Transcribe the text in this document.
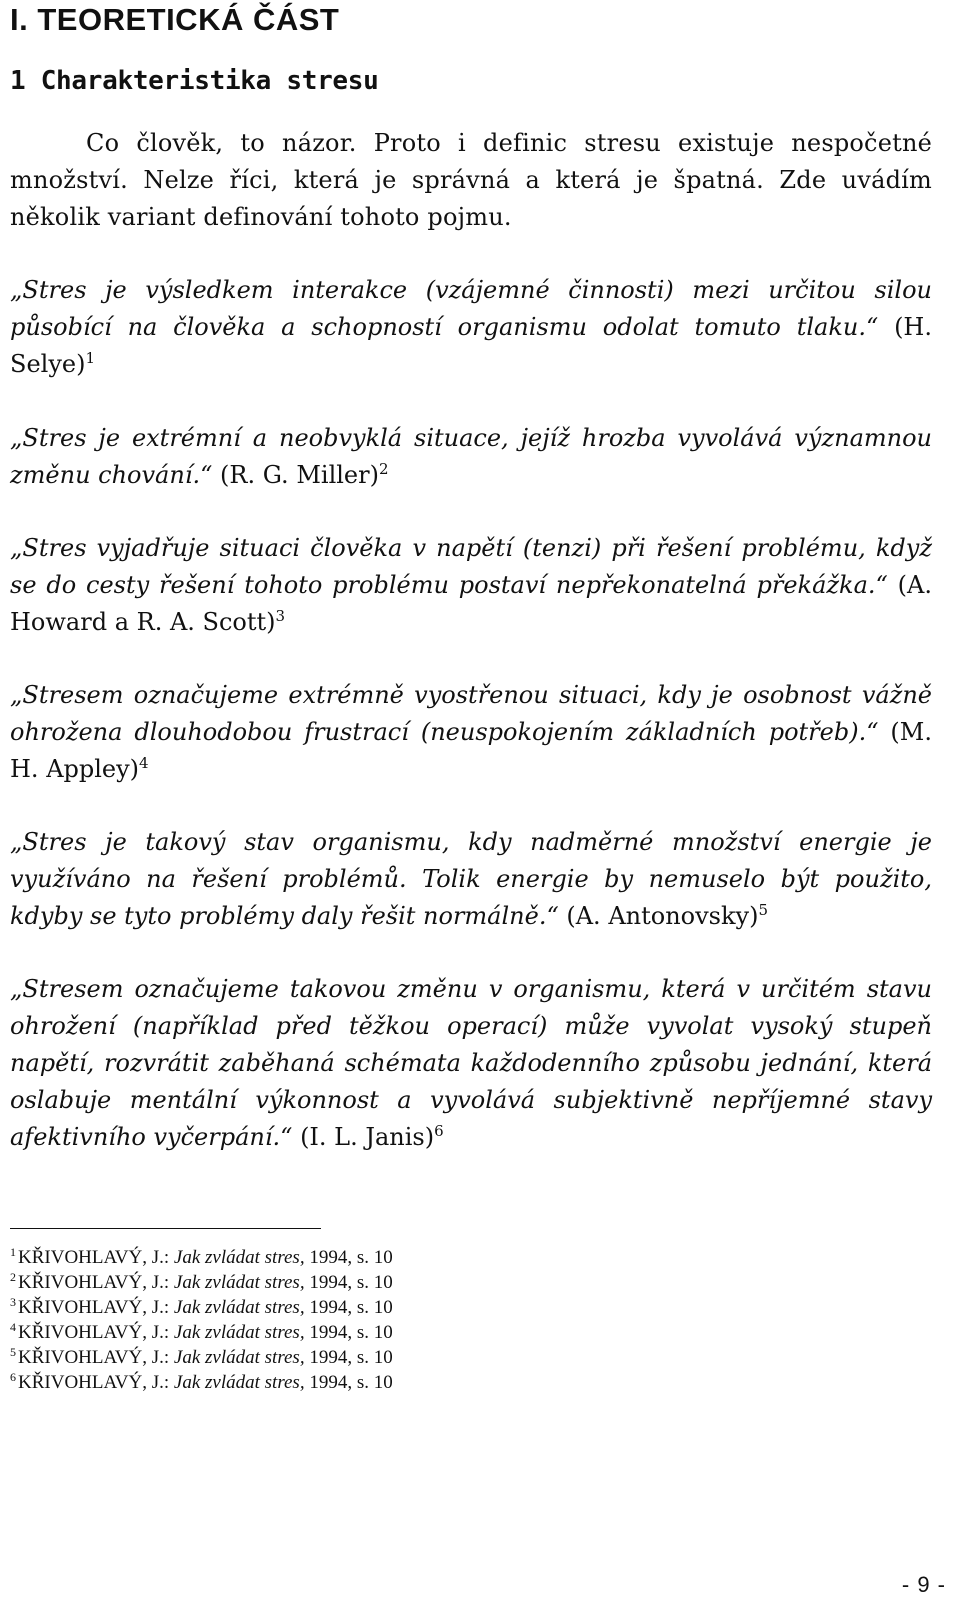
I. TEORETICKÁ ČÁST
1 Charakteristika stresu

Co člověk, to názor. Proto i definic stresu existuje nespočetné množství. Nelze říci, která je správná a která je špatná. Zde uvádím několik variant definování tohoto pojmu.

„Stres je výsledkem interakce (vzájemné činnosti) mezi určitou silou působící na člověka a schopností organismu odolat tomuto tlaku.“ (H. Selye)$^1$

„Stres je extrémní a neobvyklá situace, jejíž hrozba vyvolává významnou změnu chování.“ (R. G. Miller)$^2$

„Stres vyjadřuje situaci člověka v napětí (tenzi) při řešení problému, když se do cesty řešení tohoto problému postaví nepřekonatelná překážka.“ (A. Howard a R. A. Scott)$^3$

„Stresem označujeme extrémně vyostřenou situaci, kdy je osobnost vážně ohrožena dlouhodobou frustrací (neuspokojením základních potřeb).“ (M. H. Appley)$^4$

„Stres je takový stav organismu, kdy nadměrné množství energie je využíváno na řešení problémů. Tolik energie by nemuselo být použito, kdyby se tyto problémy daly řešit normálně.“ (A. Antonovsky)$^5$

„Stresem označujeme takovou změnu v organismu, která v určitém stavu ohrožení (například před těžkou operací) může vyvolat vysoký stupeň napětí, rozvrátit zaběhaná schémata každodenního způsobu jednání, která oslabuje mentální výkonnost a vyvolává subjektivně nepříjemné stavy afektivního vyčerpání.“ (I. L. Janis)$^6$

$^1$ KŘIVOHLAVÝ, J.: Jak zvládat stres, 1994, s. 10
$^2$ KŘIVOHLAVÝ, J.: Jak zvládat stres, 1994, s. 10
$^3$ KŘIVOHLAVÝ, J.: Jak zvládat stres, 1994, s. 10
$^4$ KŘIVOHLAVÝ, J.: Jak zvládat stres, 1994, s. 10
$^5$ KŘIVOHLAVÝ, J.: Jak zvládat stres, 1994, s. 10
$^6$ KŘIVOHLAVÝ, J.: Jak zvládat stres, 1994, s. 10
- 9 -
